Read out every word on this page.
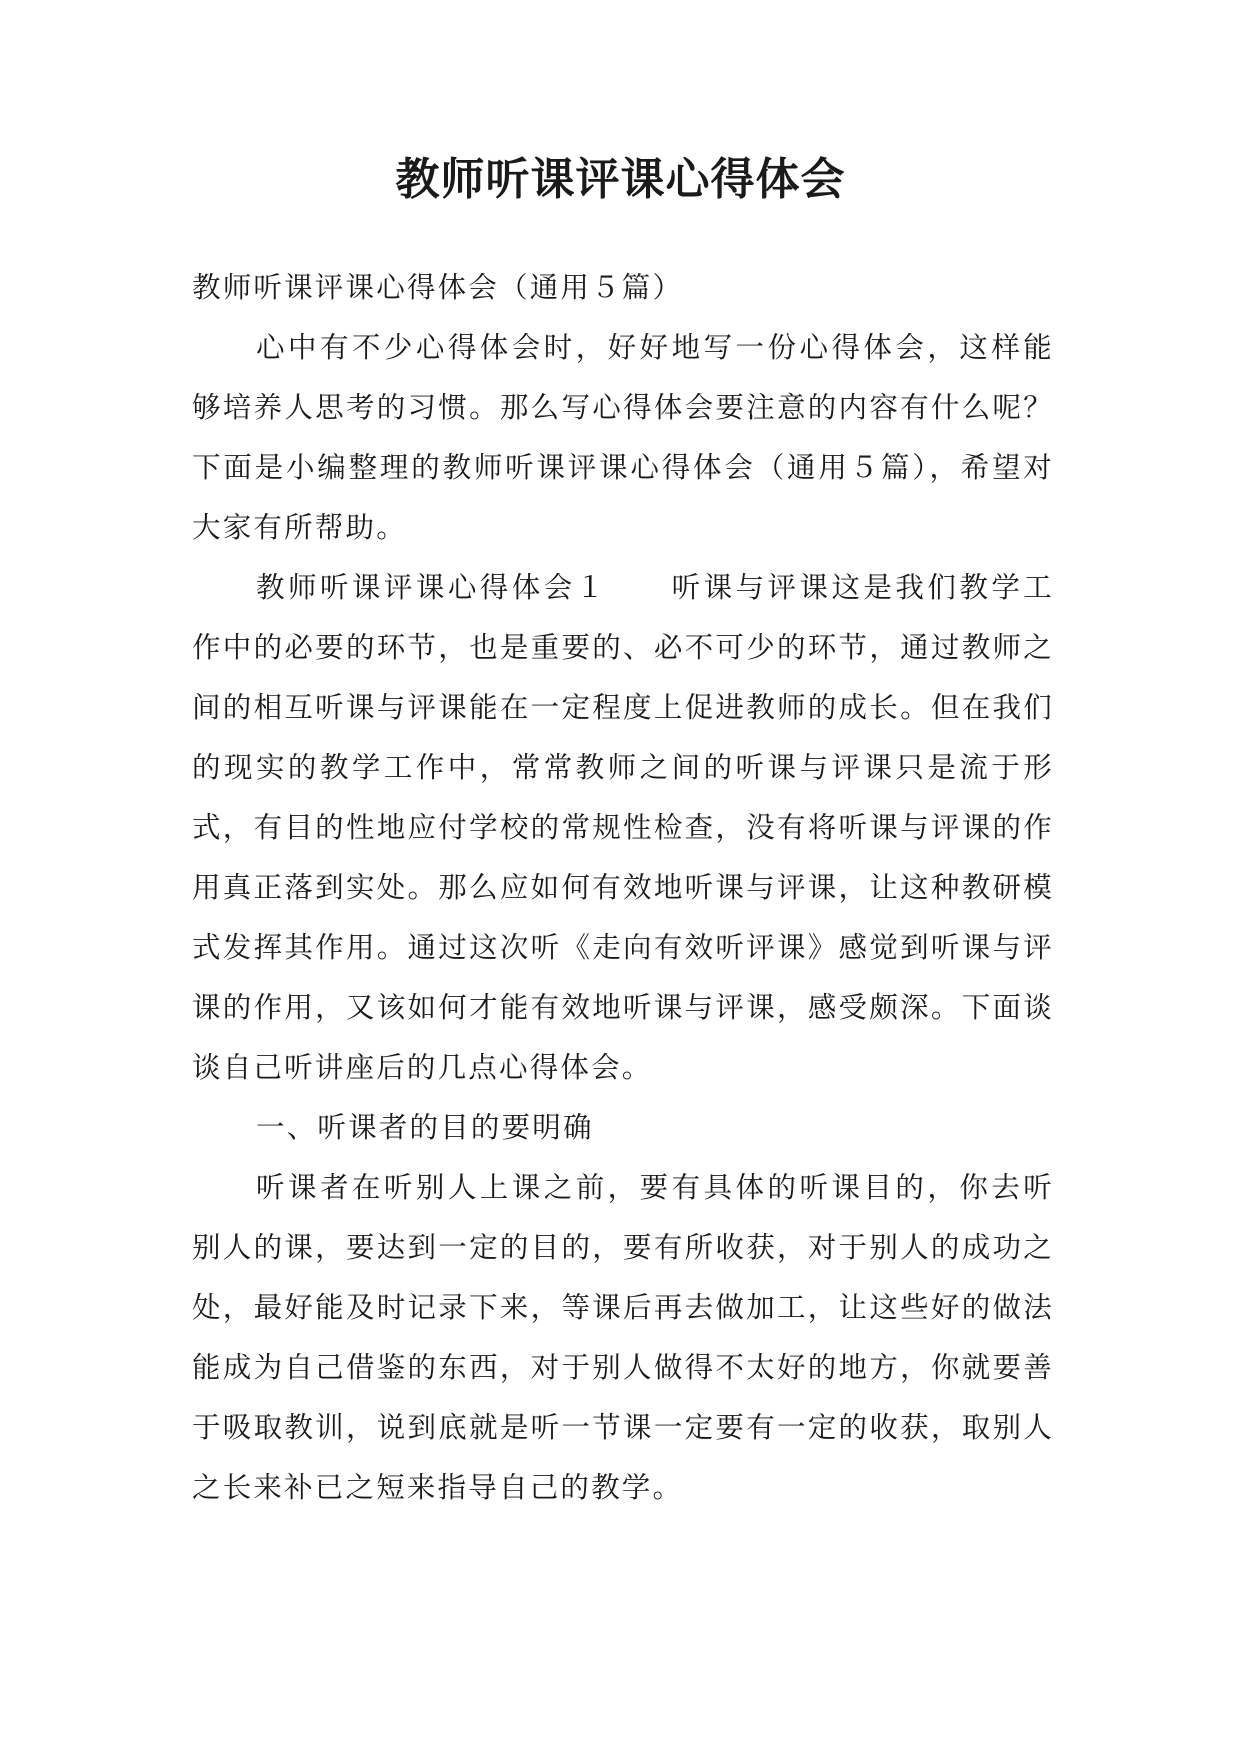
教师听课评课心得体会

教师听课评课心得体会（通用５篇）

心中有不少心得体会时，好好地写一份心得体会，这样能够培养人思考的习惯。那么写心得体会要注意的内容有什么呢？下面是小编整理的教师听课评课心得体会（通用５篇），希望对大家有所帮助。

教师听课评课心得体会１　　听课与评课这是我们教学工作中的必要的环节，也是重要的、必不可少的环节，通过教师之间的相互听课与评课能在一定程度上促进教师的成长。但在我们的现实的教学工作中，常常教师之间的听课与评课只是流于形式，有目的性地应付学校的常规性检查，没有将听课与评课的作用真正落到实处。那么应如何有效地听课与评课，让这种教研模式发挥其作用。通过这次听《走向有效听评课》感觉到听课与评课的作用，又该如何才能有效地听课与评课，感受颇深。下面谈谈自己听讲座后的几点心得体会。

一、听课者的目的要明确

听课者在听别人上课之前，要有具体的听课目的，你去听别人的课，要达到一定的目的，要有所收获，对于别人的成功之处，最好能及时记录下来，等课后再去做加工，让这些好的做法能成为自己借鉴的东西，对于别人做得不太好的地方，你就要善于吸取教训，说到底就是听一节课一定要有一定的收获，取别人之长来补已之短来指导自己的教学。
